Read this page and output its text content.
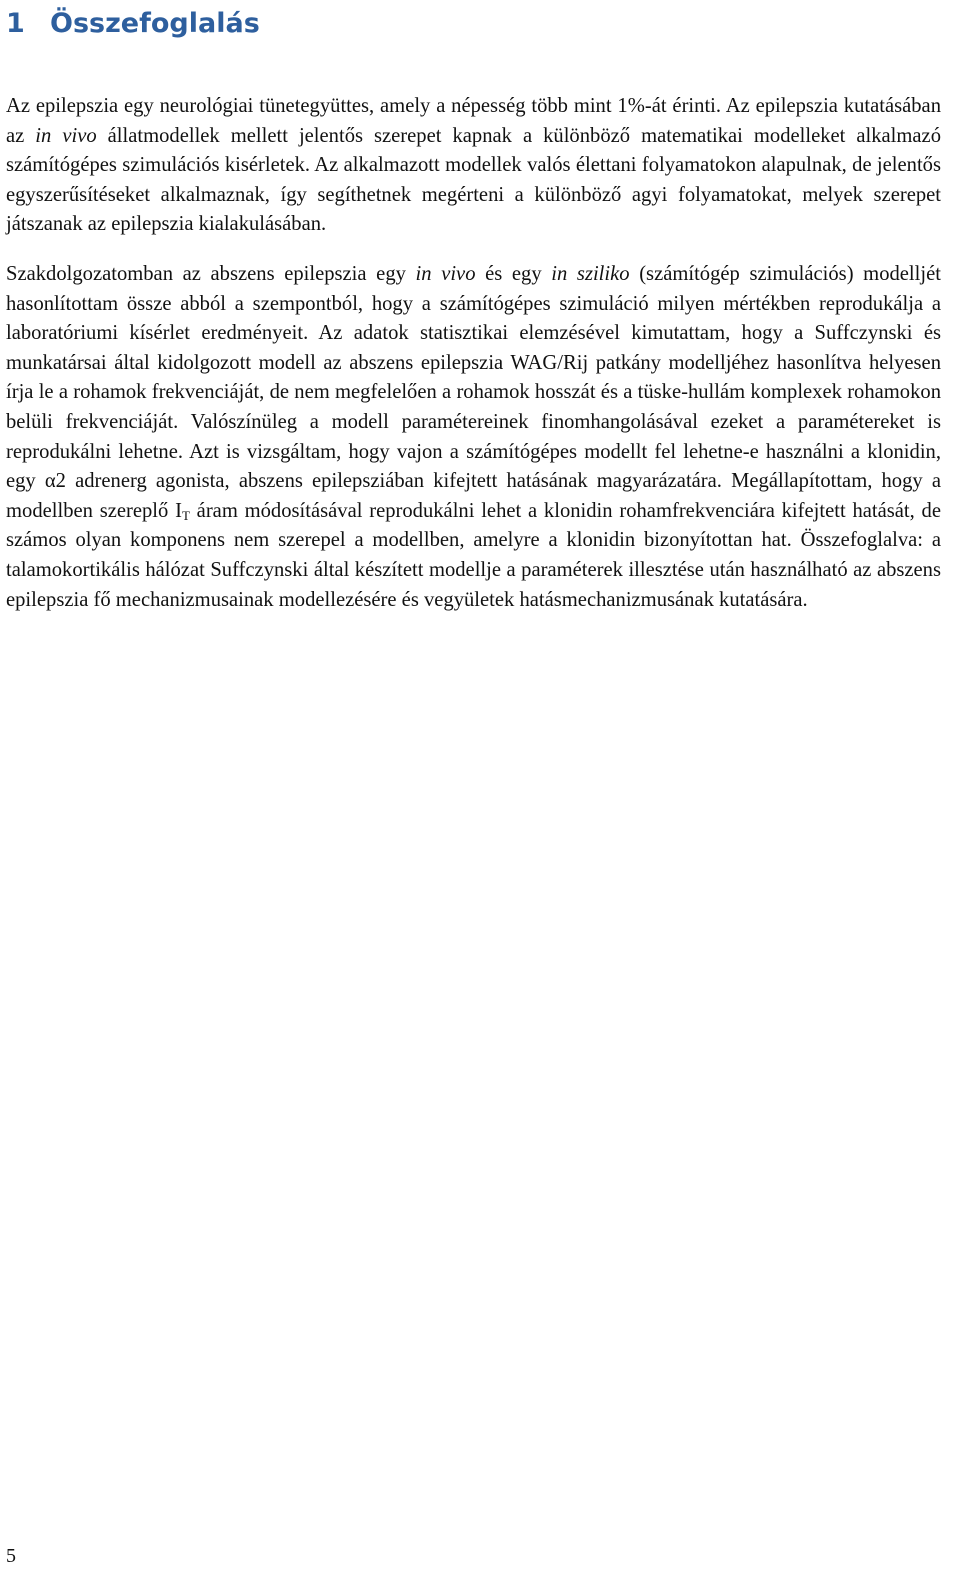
1 Összefoglalás

Az epilepszia egy neurológiai tünetegyüttes, amely a népesség több mint 1%-át érinti. Az epilepszia kutatásában az in vivo állatmodellek mellett jelentős szerepet kapnak a különböző matematikai modelleket alkalmazó számítógépes szimulációs kisérletek. Az alkalmazott modellek valós élettani folyamatokon alapulnak, de jelentős egyszerűsítéseket alkalmaznak, így segíthetnek megérteni a különböző agyi folyamatokat, melyek szerepet játszanak az epilepszia kialakulásában.

Szakdolgozatomban az abszens epilepszia egy in vivo és egy in sziliko (számítógép szimulációs) modelljét hasonlítottam össze abból a szempontból, hogy a számítógépes szimuláció milyen mértékben reprodukálja a laboratóriumi kísérlet eredményeit. Az adatok statisztikai elemzésével kimutattam, hogy a Suffczynski és munkatársai által kidolgozott modell az abszens epilepszia WAG/Rij patkány modelljéhez hasonlítva helyesen írja le a rohamok frekvenciáját, de nem megfelelően a rohamok hosszát és a tüske-hullám komplexek rohamokon belüli frekvenciáját. Valószínüleg a modell paramétereinek finomhangolásával ezeket a paramétereket is reprodukálni lehetne. Azt is vizsgáltam, hogy vajon a számítógépes modellt fel lehetne-e használni a klonidin, egy α2 adrenerg agonista, abszens epilepsziában kifejtett hatásának magyarázatára. Megállapítottam, hogy a modellben szereplő $I_T$ áram módosításával reprodukálni lehet a klonidin rohamfrekvenciára kifejtett hatását, de számos olyan komponens nem szerepel a modellben, amelyre a klonidin bizonyítottan hat. Összefoglalva: a talamokortikális hálózat Suffczynski által készített modellje a paraméterek illesztése után használható az abszens epilepszia fő mechanizmusainak modellezésére és vegyületek hatásmechanizmusának kutatására.

5
